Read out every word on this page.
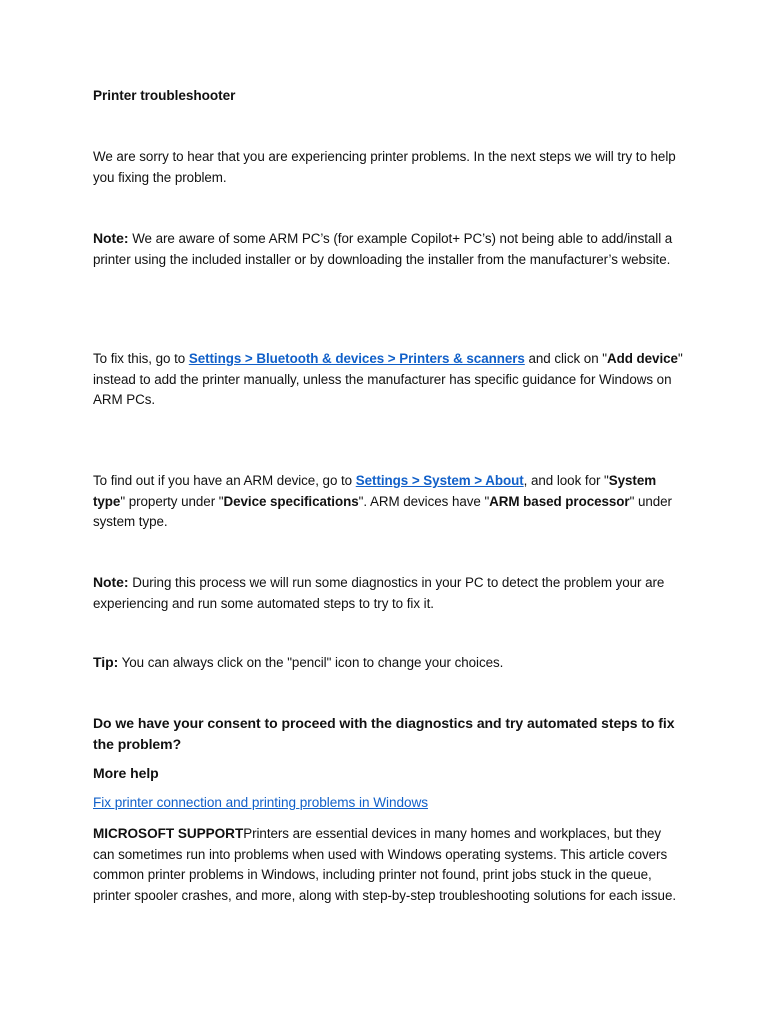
Printer troubleshooter

We are sorry to hear that you are experiencing printer problems. In the next steps we will try to help you fixing the problem.

Note: We are aware of some ARM PC’s (for example Copilot+ PC’s) not being able to add/install a printer using the included installer or by downloading the installer from the manufacturer’s website.

To fix this, go to Settings > Bluetooth & devices > Printers & scanners and click on "Add device" instead to add the printer manually, unless the manufacturer has specific guidance for Windows on ARM PCs.

To find out if you have an ARM device, go to Settings > System > About, and look for "System type" property under "Device specifications". ARM devices have "ARM based processor" under system type.

Note: During this process we will run some diagnostics in your PC to detect the problem your are experiencing and run some automated steps to try to fix it.

Tip: You can always click on the "pencil" icon to change your choices.

Do we have your consent to proceed with the diagnostics and try automated steps to fix the problem?

More help

Fix printer connection and printing problems in Windows

MICROSOFT SUPPORTPrinters are essential devices in many homes and workplaces, but they can sometimes run into problems when used with Windows operating systems. This article covers common printer problems in Windows, including printer not found, print jobs stuck in the queue, printer spooler crashes, and more, along with step-by-step troubleshooting solutions for each issue.
